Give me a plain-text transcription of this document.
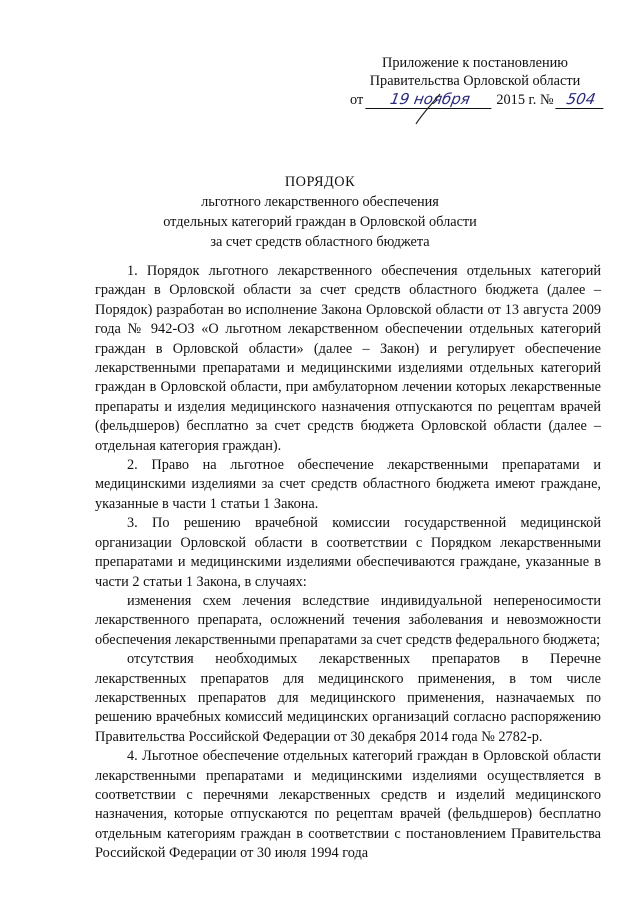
Приложение к постановлению
Правительства Орловской области
от 19 ноября 2015 г. № 504
ПОРЯДОК
льготного лекарственного обеспечения
отдельных категорий граждан в Орловской области
за счет средств областного бюджета

1. Порядок льготного лекарственного обеспечения отдельных категорий граждан в Орловской области за счет средств областного бюджета (далее – Порядок) разработан во исполнение Закона Орловской области от 13 августа 2009 года № 942-ОЗ «О льготном лекарственном обеспечении отдельных категорий граждан в Орловской области» (далее – Закон) и регулирует обеспечение лекарственными препаратами и медицинскими изделиями отдельных категорий граждан в Орловской области, при амбулаторном лечении которых лекарственные препараты и изделия медицинского назначения отпускаются по рецептам врачей (фельдшеров) бесплатно за счет средств бюджета Орловской области (далее – отдельная категория граждан).

2. Право на льготное обеспечение лекарственными препаратами и медицинскими изделиями за счет средств областного бюджета имеют граждане, указанные в части 1 статьи 1 Закона.

3. По решению врачебной комиссии государственной медицинской организации Орловской области в соответствии с Порядком лекарственными препаратами и медицинскими изделиями обеспечиваются граждане, указанные в части 2 статьи 1 Закона, в случаях:

изменения схем лечения вследствие индивидуальной непереносимости лекарственного препарата, осложнений течения заболевания и невозможности обеспечения лекарственными препаратами за счет средств федерального бюджета;

отсутствия необходимых лекарственных препаратов в Перечне лекарственных препаратов для медицинского применения, в том числе лекарственных препаратов для медицинского применения, назначаемых по решению врачебных комиссий медицинских организаций согласно распоряжению Правительства Российской Федерации от 30 декабря 2014 года № 2782-р.

4. Льготное обеспечение отдельных категорий граждан в Орловской области лекарственными препаратами и медицинскими изделиями осуществляется в соответствии с перечнями лекарственных средств и изделий медицинского назначения, которые отпускаются по рецептам врачей (фельдшеров) бесплатно отдельным категориям граждан в соответствии с постановлением Правительства Российской Федерации от 30 июля 1994 года
